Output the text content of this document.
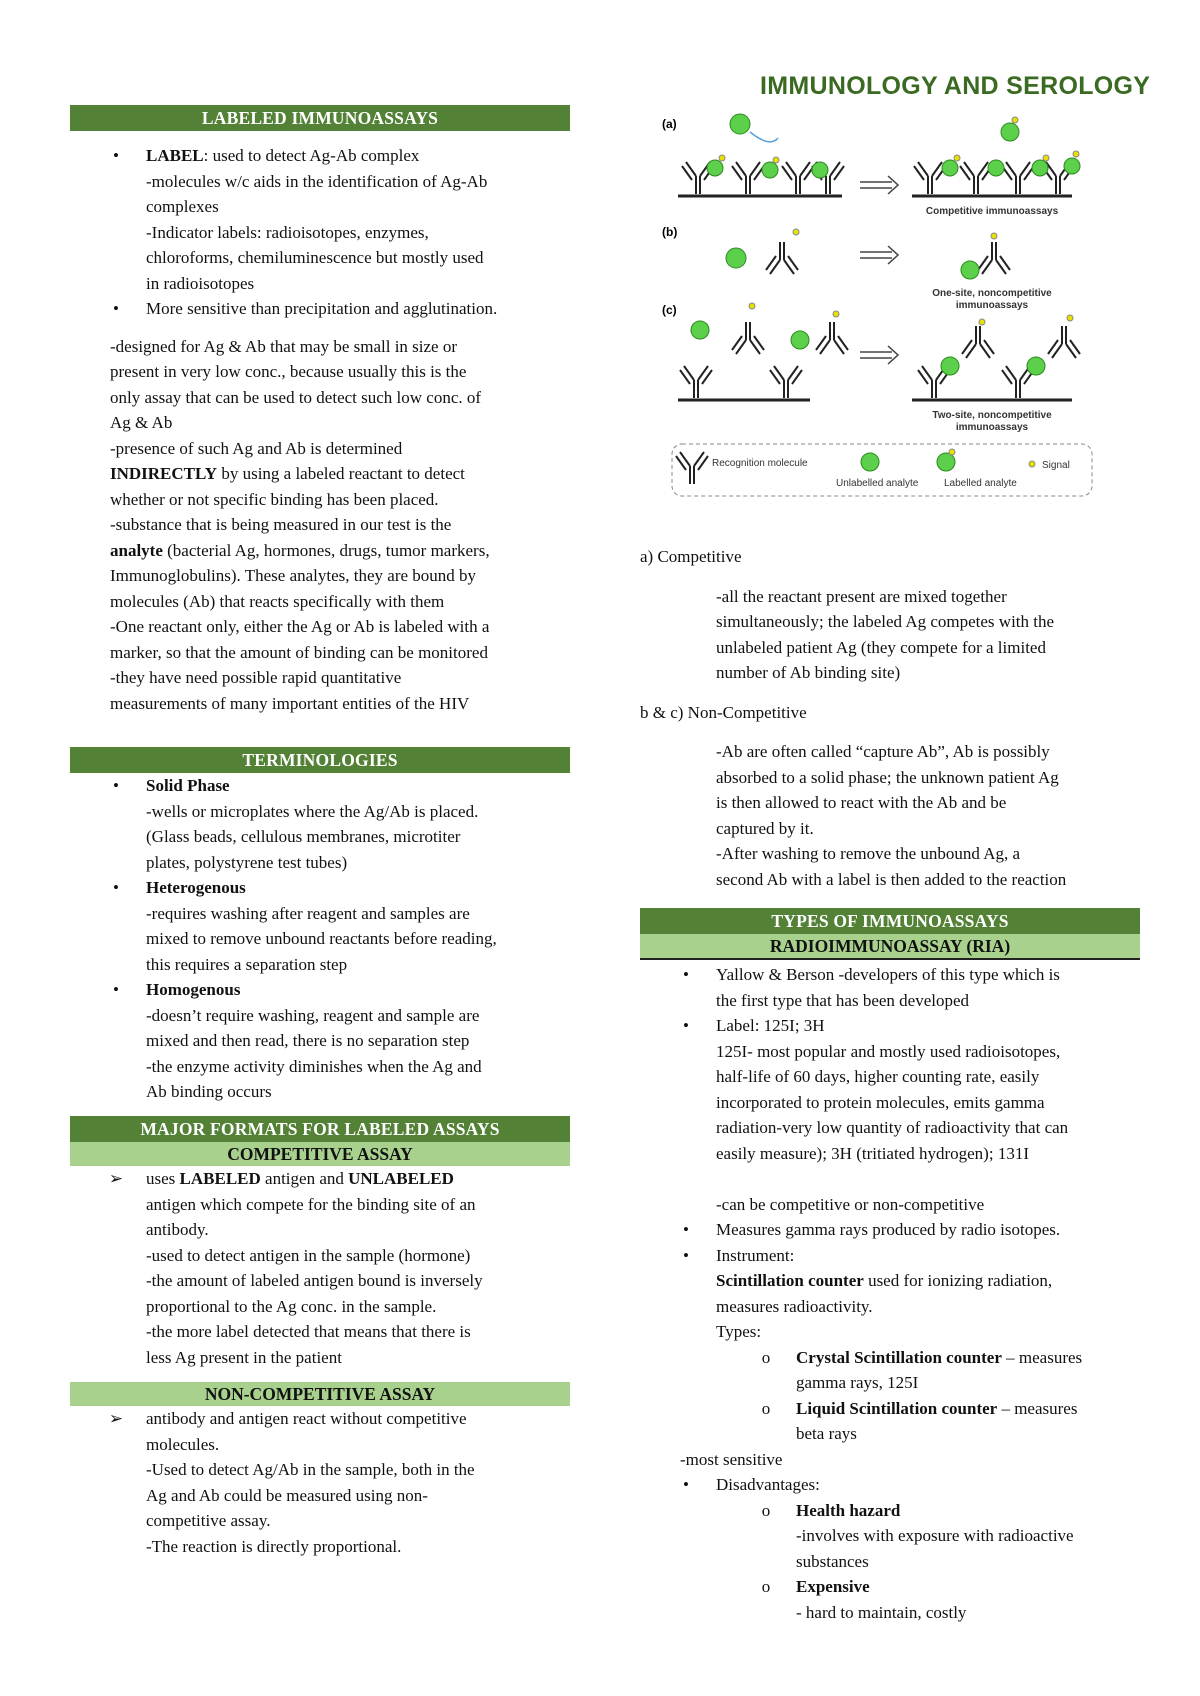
IMMUNOLOGY AND SEROLOGY
LABELED IMMUNOASSAYS
•	LABEL: used to detect Ag-Ab complex
-molecules w/c aids in the identification of Ag-Ab
complexes
-Indicator labels: radioisotopes, enzymes,
chloroforms, chemiluminescence but mostly used
in radioisotopes
•	More sensitive than precipitation and agglutination.
-designed for Ag & Ab that may be small in size or
present in very low conc., because usually this is the
only assay that can be used to detect such low conc. of
Ag & Ab
-presence of such Ag and Ab is determined
INDIRECTLY by using a labeled reactant to detect
whether or not specific binding has been placed.
-substance that is being measured in our test is the
analyte (bacterial Ag, hormones, drugs, tumor markers,
Immunoglobulins). These analytes, they are bound by
molecules (Ab) that reacts specifically with them
-One reactant only, either the Ag or Ab is labeled with a
marker, so that the amount of binding can be monitored
-they have need possible rapid quantitative
measurements of many important entities of the HIV
TERMINOLOGIES
•	Solid Phase
-wells or microplates where the Ag/Ab is placed.
(Glass beads, cellulous membranes, microtiter
plates, polystyrene test tubes)
•	Heterogenous
-requires washing after reagent and samples are
mixed to remove unbound reactants before reading,
this requires a separation step
•	Homogenous
-doesn’t require washing, reagent and sample are
mixed and then read, there is no separation step
-the enzyme activity diminishes when the Ag and
Ab binding occurs
MAJOR FORMATS FOR LABELED ASSAYS
COMPETITIVE ASSAY
➢ uses LABELED antigen and UNLABELED
antigen which compete for the binding site of an
antibody.
-used to detect antigen in the sample (hormone)
-the amount of labeled antigen bound is inversely
proportional to the Ag conc. in the sample.
-the more label detected that means that there is
less Ag present in the patient
NON-COMPETITIVE ASSAY
➢ antibody and antigen react without competitive
molecules.
-Used to detect Ag/Ab in the sample, both in the
Ag and Ab could be measured using non-
competitive assay.
-The reaction is directly proportional.
(a)
Competitive immunoassays
(b)
One-site, noncompetitive
immunoassays
(c)
Two-site, noncompetitive
immunoassays
Recognition molecule
Unlabelled analyte	Labelled analyte
Signal
a) Competitive
-all the reactant present are mixed together
simultaneously; the labeled Ag competes with the
unlabeled patient Ag (they compete for a limited
number of Ab binding site)
b & c) Non-Competitive
-Ab are often called “capture Ab”, Ab is possibly
absorbed to a solid phase; the unknown patient Ag
is then allowed to react with the Ab and be
captured by it.
-After washing to remove the unbound Ag, a
second Ab with a label is then added to the reaction
TYPES OF IMMUNOASSAYS
RADIOIMMUNOASSAY (RIA)
•	Yallow & Berson -developers of this type which is
the first type that has been developed
•	Label: 125I; 3H
125I- most popular and mostly used radioisotopes,
half-life of 60 days, higher counting rate, easily
incorporated to protein molecules, emits gamma
radiation-very low quantity of radioactivity that can
easily measure); 3H (tritiated hydrogen); 131I

-can be competitive or non-competitive
•	Measures gamma rays produced by radio isotopes.
•	Instrument:
Scintillation counter used for ionizing radiation,
measures radioactivity.
Types:
o	Crystal Scintillation counter – measures
gamma rays, 125I
o	Liquid Scintillation counter – measures
beta rays
-most sensitive
•	Disadvantages:
o	Health hazard
-involves with exposure with radioactive
substances
o	Expensive
- hard to maintain, costly
